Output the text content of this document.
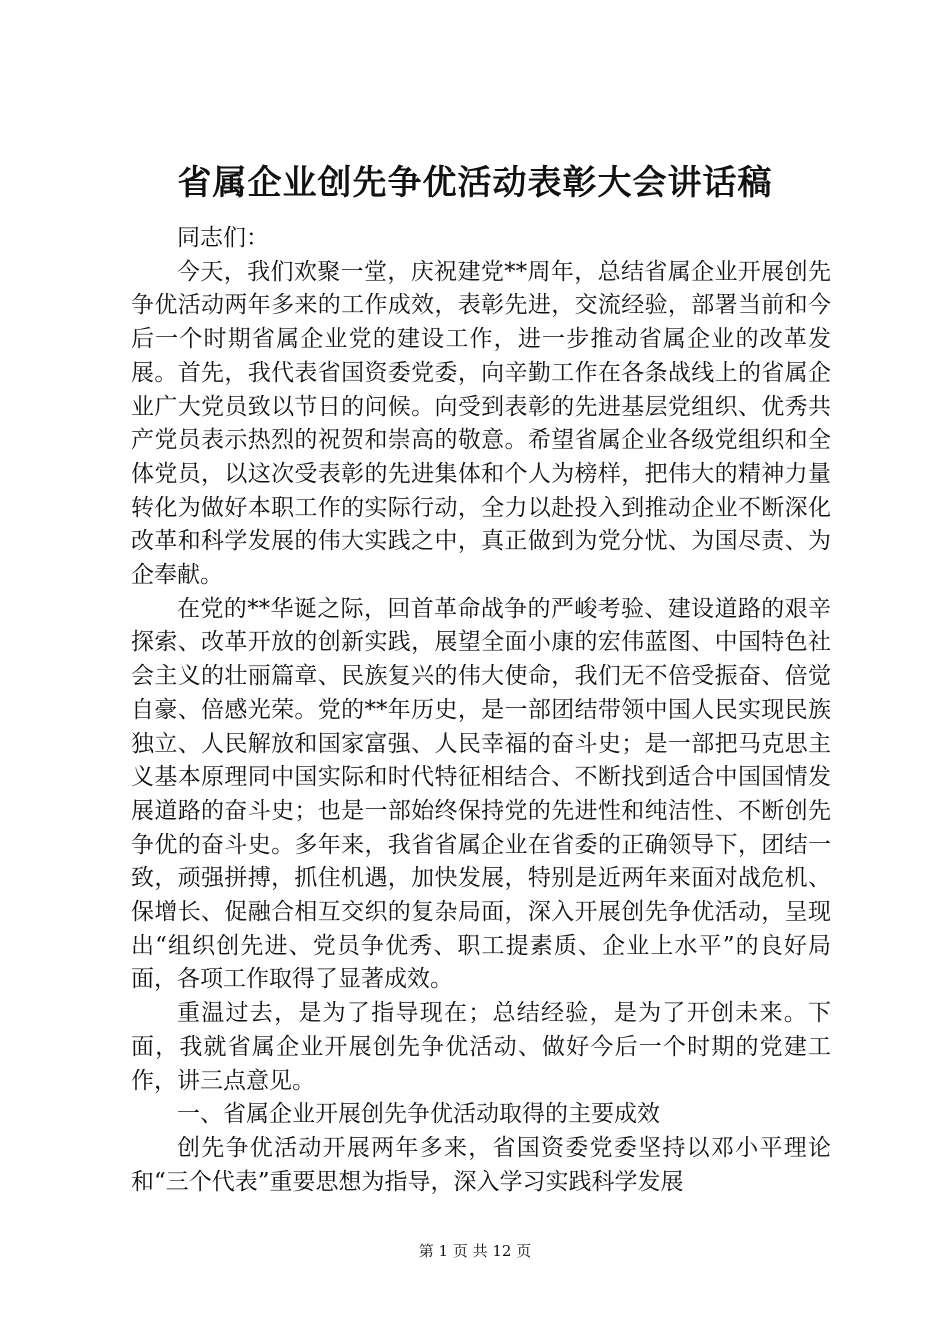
省属企业创先争优活动表彰大会讲话稿

同志们：

今天，我们欢聚一堂，庆祝建党**周年，总结省属企业开展创先争优活动两年多来的工作成效，表彰先进，交流经验，部署当前和今后一个时期省属企业党的建设工作，进一步推动省属企业的改革发展。首先，我代表省国资委党委，向辛勤工作在各条战线上的省属企业广大党员致以节日的问候。向受到表彰的先进基层党组织、优秀共产党员表示热烈的祝贺和崇高的敬意。希望省属企业各级党组织和全体党员，以这次受表彰的先进集体和个人为榜样，把伟大的精神力量转化为做好本职工作的实际行动，全力以赴投入到推动企业不断深化改革和科学发展的伟大实践之中，真正做到为党分忧、为国尽责、为企奉献。

在党的**华诞之际，回首革命战争的严峻考验、建设道路的艰辛探索、改革开放的创新实践，展望全面小康的宏伟蓝图、中国特色社会主义的壮丽篇章、民族复兴的伟大使命，我们无不倍受振奋、倍觉自豪、倍感光荣。党的**年历史，是一部团结带领中国人民实现民族独立、人民解放和国家富强、人民幸福的奋斗史；是一部把马克思主义基本原理同中国实际和时代特征相结合、不断找到适合中国国情发展道路的奋斗史；也是一部始终保持党的先进性和纯洁性、不断创先争优的奋斗史。多年来，我省省属企业在省委的正确领导下，团结一致，顽强拼搏，抓住机遇，加快发展，特别是近两年来面对战危机、保增长、促融合相互交织的复杂局面，深入开展创先争优活动，呈现出“组织创先进、党员争优秀、职工提素质、企业上水平”的良好局面，各项工作取得了显著成效。

重温过去，是为了指导现在；总结经验，是为了开创未来。下面，我就省属企业开展创先争优活动、做好今后一个时期的党建工作，讲三点意见。

一、省属企业开展创先争优活动取得的主要成效

创先争优活动开展两年多来，省国资委党委坚持以邓小平理论和“三个代表”重要思想为指导，深入学习实践科学发展

第 1 页 共 12 页
